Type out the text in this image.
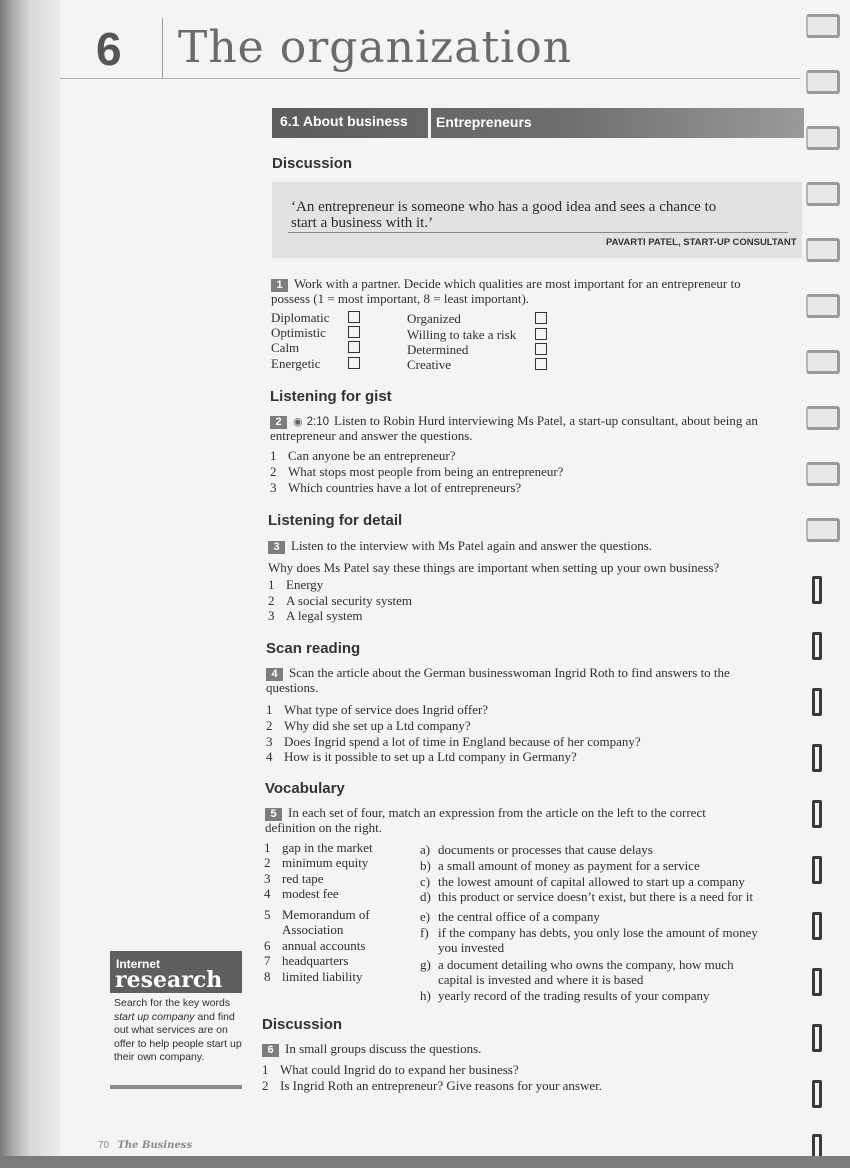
6 The organization
6.1 About business Entrepreneurs
Discussion
‘An entrepreneur is someone who has a good idea and sees a chance to
start a business with it.’
PAVARTI PATEL, START-UP CONSULTANT
1 Work with a partner. Decide which qualities are most important for an entrepreneur to
possess (1 = most important, 8 = least important).
Diplomatic
Optimistic
Calm
Energetic
Organized
Willing to take a risk
Determined
Creative
Listening for gist
2 ◉ 2:10 Listen to Robin Hurd interviewing Ms Patel, a start-up consultant, about being an
entrepreneur and answer the questions.
1 Can anyone be an entrepreneur?
2 What stops most people from being an entrepreneur?
3 Which countries have a lot of entrepreneurs?
Listening for detail
3 Listen to the interview with Ms Patel again and answer the questions.
Why does Ms Patel say these things are important when setting up your own business?
1 Energy
2 A social security system
3 A legal system
Scan reading
4 Scan the article about the German businesswoman Ingrid Roth to find answers to the
questions.
1 What type of service does Ingrid offer?
2 Why did she set up a Ltd company?
3 Does Ingrid spend a lot of time in England because of her company?
4 How is it possible to set up a Ltd company in Germany?
Vocabulary
5 In each set of four, match an expression from the article on the left to the correct
definition on the right.
1 gap in the market
2 minimum equity
3 red tape
4 modest fee
5 Memorandum of
Association
6 annual accounts
7 headquarters
8 limited liability
a) documents or processes that cause delays
b) a small amount of money as payment for a service
c) the lowest amount of capital allowed to start up a company
d) this product or service doesn’t exist, but there is a need for it
e) the central office of a company
f) if the company has debts, you only lose the amount of money
you invested
g) a document detailing who owns the company, how much
capital is invested and where it is based
h) yearly record of the trading results of your company
Internet
research
Search for the key words start up company and find out what services are on offer to help people start up their own company.
Discussion
6 In small groups discuss the questions.
1 What could Ingrid do to expand her business?
2 Is Ingrid Roth an entrepreneur? Give reasons for your answer.
70 The Business
